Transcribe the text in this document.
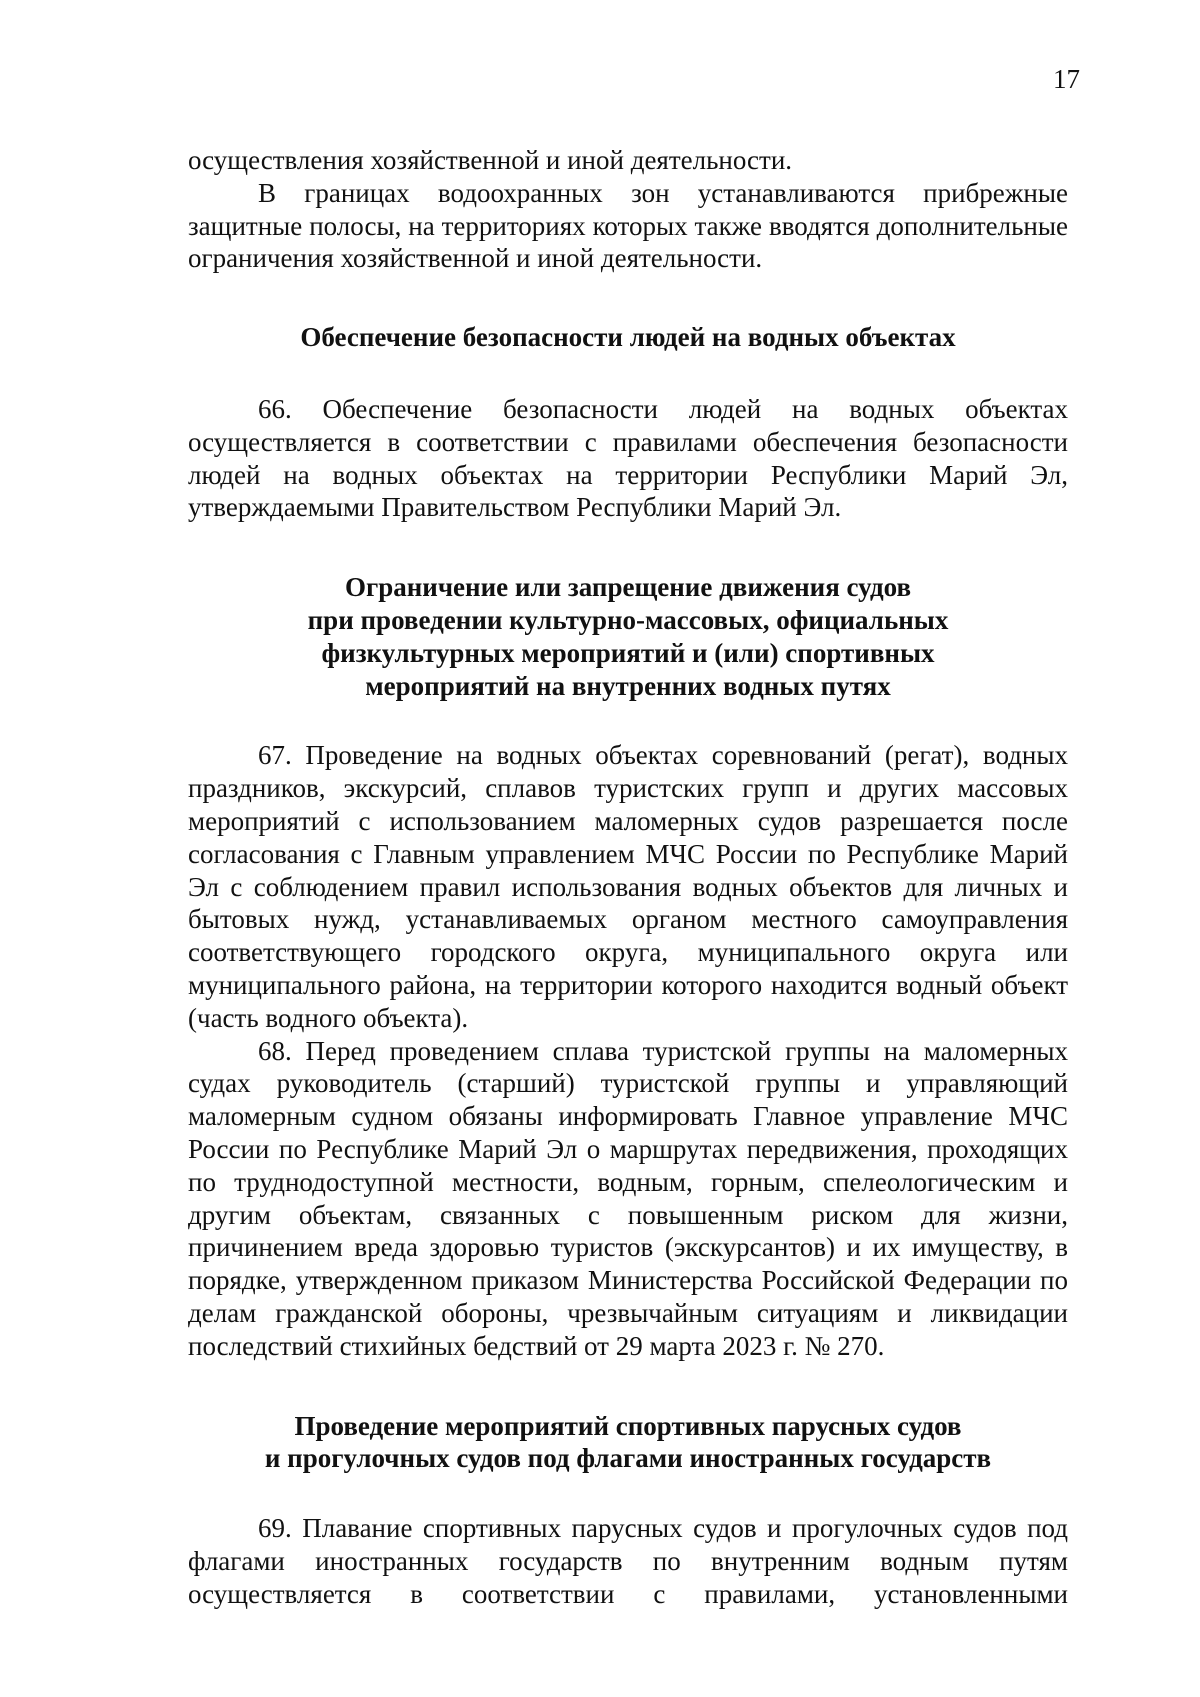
17

осуществления хозяйственной и иной деятельности.

В границах водоохранных зон устанавливаются прибрежные защитные полосы, на территориях которых также вводятся дополнительные ограничения хозяйственной и иной деятельности.

Обеспечение безопасности людей на водных объектах

66. Обеспечение безопасности людей на водных объектах осуществляется в соответствии с правилами обеспечения безопасности людей на водных объектах на территории Республики Марий Эл, утверждаемыми Правительством Республики Марий Эл.

Ограничение или запрещение движения судов
при проведении культурно-массовых, официальных
физкультурных мероприятий и (или) спортивных
мероприятий на внутренних водных путях

67. Проведение на водных объектах соревнований (регат), водных праздников, экскурсий, сплавов туристских групп и других массовых мероприятий с использованием маломерных судов разрешается после согласования с Главным управлением МЧС России по Республике Марий Эл с соблюдением правил использования водных объектов для личных и бытовых нужд, устанавливаемых органом местного самоуправления соответствующего городского округа, муниципального округа или муниципального района, на территории которого находится водный объект (часть водного объекта).

68. Перед проведением сплава туристской группы на маломерных судах руководитель (старший) туристской группы и управляющий маломерным судном обязаны информировать Главное управление МЧС России по Республике Марий Эл о маршрутах передвижения, проходящих по труднодоступной местности, водным, горным, спелеологическим и другим объектам, связанных с повышенным риском для жизни, причинением вреда здоровью туристов (экскурсантов) и их имуществу, в порядке, утвержденном приказом Министерства Российской Федерации по делам гражданской обороны, чрезвычайным ситуациям и ликвидации последствий стихийных бедствий от 29 марта 2023 г. № 270.

Проведение мероприятий спортивных парусных судов
и прогулочных судов под флагами иностранных государств

69. Плавание спортивных парусных судов и прогулочных судов под флагами иностранных государств по внутренним водным путям осуществляется в соответствии с правилами, установленными
